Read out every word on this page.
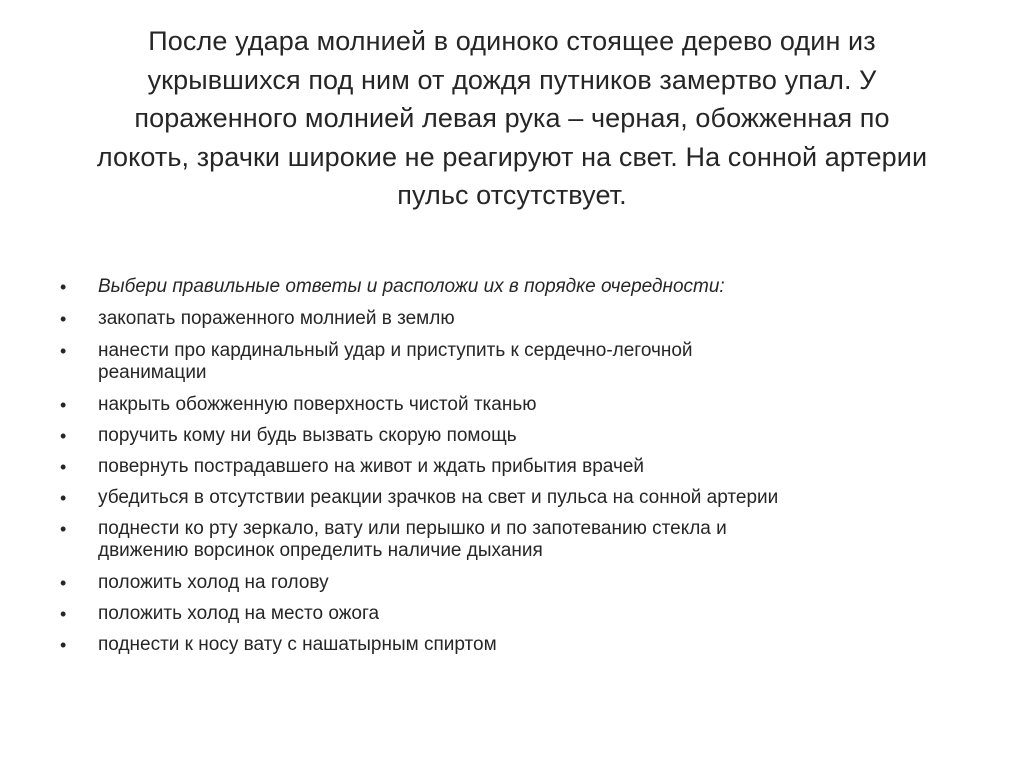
После удара молнией в одиноко стоящее дерево один из
укрывшихся под ним от дождя путников замертво упал. У
пораженного молнией левая рука – черная, обожженная по
локоть, зрачки широкие не реагируют на свет. На сонной артерии
пульс отсутствует.
• Выбери правильные ответы и расположи их в порядке очередности:
• закопать пораженного молнией в землю
• нанести про кардинальный удар и приступить к сердечно-легочной
реанимации
• накрыть обожженную поверхность чистой тканью
• поручить кому ни будь вызвать скорую помощь
• повернуть пострадавшего на живот и ждать прибытия врачей
• убедиться в отсутствии реакции зрачков на свет и пульса на сонной артерии
• поднести ко рту зеркало, вату или перышко и по запотеванию стекла и
движению ворсинок определить наличие дыхания
• положить холод на голову
• положить холод на место ожога
• поднести к носу вату с нашатырным спиртом
